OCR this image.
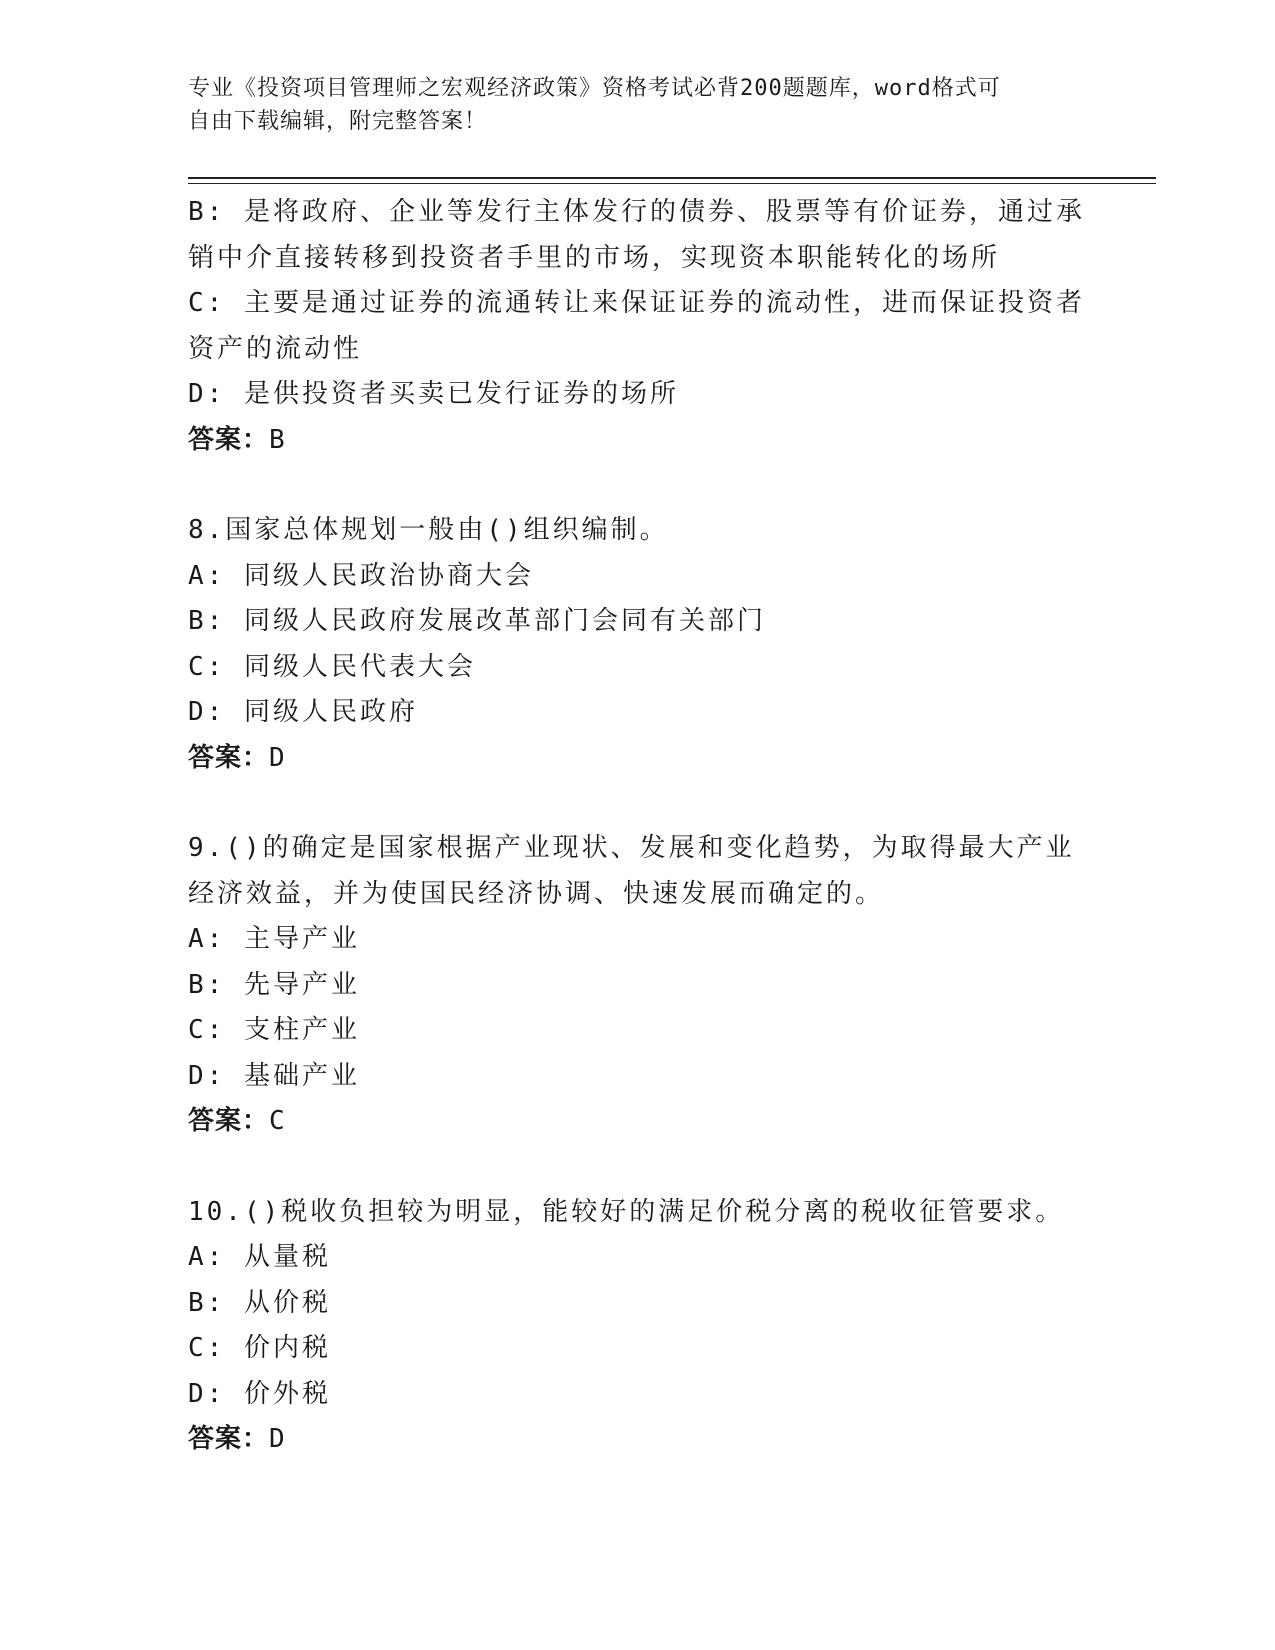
专业《投资项目管理师之宏观经济政策》资格考试必背200题题库，word格式可
自由下载编辑，附完整答案！
B: 是将政府、企业等发行主体发行的债券、股票等有价证券，通过承
销中介直接转移到投资者手里的市场，实现资本职能转化的场所
C: 主要是通过证券的流通转让来保证证券的流动性，进而保证投资者
资产的流动性
D: 是供投资者买卖已发行证券的场所
答案：B
8.国家总体规划一般由()组织编制。
A: 同级人民政治协商大会
B: 同级人民政府发展改革部门会同有关部门
C: 同级人民代表大会
D: 同级人民政府
答案：D
9.()的确定是国家根据产业现状、发展和变化趋势，为取得最大产业
经济效益，并为使国民经济协调、快速发展而确定的。
A: 主导产业
B: 先导产业
C: 支柱产业
D: 基础产业
答案：C
10.()税收负担较为明显，能较好的满足价税分离的税收征管要求。
A: 从量税
B: 从价税
C: 价内税
D: 价外税
答案：D
